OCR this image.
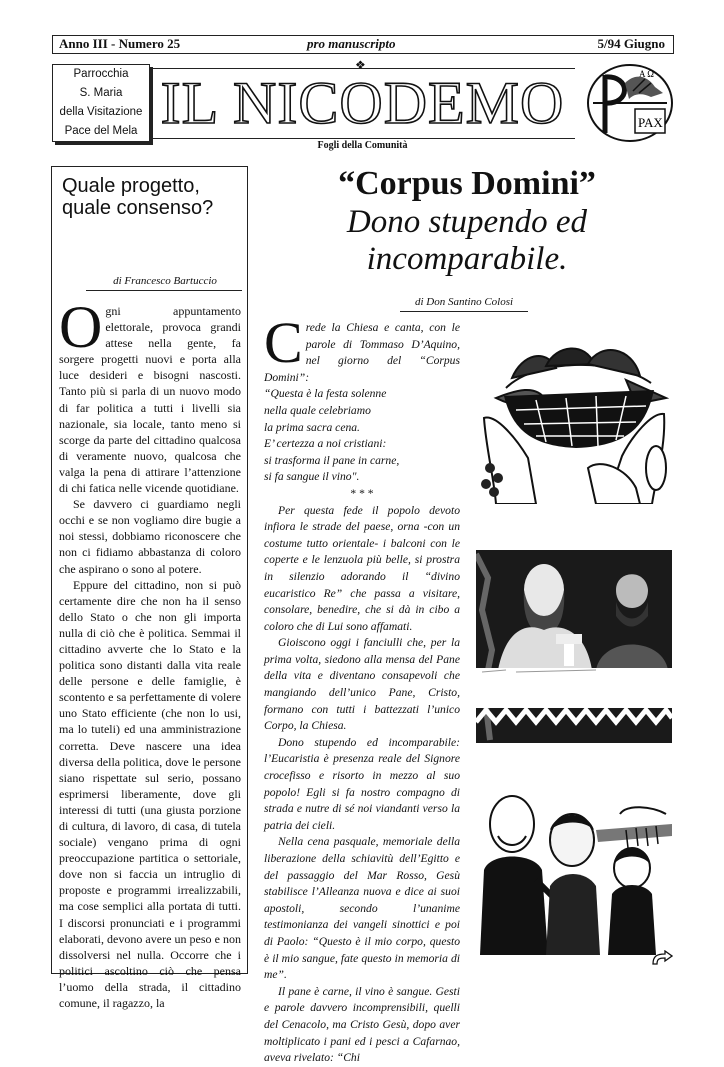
Anno III - Numero 25	pro manuscripto	5/94 Giugno
❖
Parrocchia
S. Maria
della Visitazione
Pace del Mela IL NICODEMO
Fogli della Comunità
A Ω
PAX
Quale progetto, quale consenso?
di Francesco Bartuccio

Ogni appuntamento elettorale, provoca grandi attese nella gente, fa sorgere progetti nuovi e porta alla luce desideri e bisogni nascosti. Tanto più si parla di un nuovo modo di far politica a tutti i livelli sia nazionale, sia locale, tanto meno si scorge da parte del cittadino qualcosa di veramente nuovo, qualcosa che valga la pena di attirare l’attenzione di chi fatica nelle vicende quotidiane.

Se davvero ci guardiamo negli occhi e se non vogliamo dire bugie a noi stessi, dobbiamo riconoscere che non ci fidiamo abbastanza di coloro che aspirano o sono al potere.

Eppure del cittadino, non si può certamente dire che non ha il senso dello Stato o che non gli importa nulla di ciò che è politica. Semmai il cittadino avverte che lo Stato e la politica sono distanti dalla vita reale delle persone e delle famiglie, è scontento e sa perfettamente di volere uno Stato efficiente (che non lo usi, ma lo tuteli) ed una amministrazione corretta. Deve nascere una idea diversa della politica, dove le persone siano rispettate sul serio, possano esprimersi liberamente, dove gli interessi di tutti (una giusta porzione di cultura, di lavoro, di casa, di tutela sociale) vengano prima di ogni preoccupazione partitica o settoriale, dove non si faccia un intruglio di proposte e programmi irrealizzabili, ma cose semplici alla portata di tutti. I discorsi pronunciati e i programmi elaborati, devono avere un peso e non dissolversi nel nulla. Occorre che i politici ascoltino ciò che pensa l’uomo della strada, il cittadino comune, il ragazzo, la

“Corpus Domini”
Dono stupendo ed incomparabile.
di Don Santino Colosi

Crede la Chiesa e canta, con le parole di Tommaso D’Aquino, nel giorno del “Corpus Domini”:

“Questa è la festa solenne

nella quale celebriamo

la prima sacra cena.

E’ certezza a noi cristiani:

si trasforma il pane in carne,

si fa sangue il vino".

* * *

Per questa fede il popolo devoto infiora le strade del paese, orna -con un costume tutto orientale- i balconi con le coperte e le lenzuola più belle, si prostra in silenzio adorando il “divino eucaristico Re” che passa a visitare, consolare, benedire, che si dà in cibo a coloro che di Lui sono affamati.

Gioiscono oggi i fanciulli che, per la prima volta, siedono alla mensa del Pane della vita e diventano consapevoli che mangiando dell’unico Pane, Cristo, formano con tutti i battezzati l’unico Corpo, la Chiesa.

Dono stupendo ed incomparabile: l’Eucaristia è presenza reale del Signore crocefisso e risorto in mezzo al suo popolo! Egli si fa nostro compagno di strada e nutre di sé noi viandanti verso la patria dei cieli.

Nella cena pasquale, memoriale della liberazione della schiavitù dell’Egitto e del passaggio del Mar Rosso, Gesù stabilisce l’Alleanza nuova e dice ai suoi apostoli, secondo l’unanime testimonianza dei vangeli sinottici e poi di Paolo: “Questo è il mio corpo, questo è il mio sangue, fate questo in memoria di me”.

Il pane è carne, il vino è sangue. Gesti e parole davvero incomprensibili, quelli del Cenacolo, ma Cristo Gesù, dopo aver moltiplicato i pani ed i pesci a Cafarnao, aveva rivelato: “Chi
